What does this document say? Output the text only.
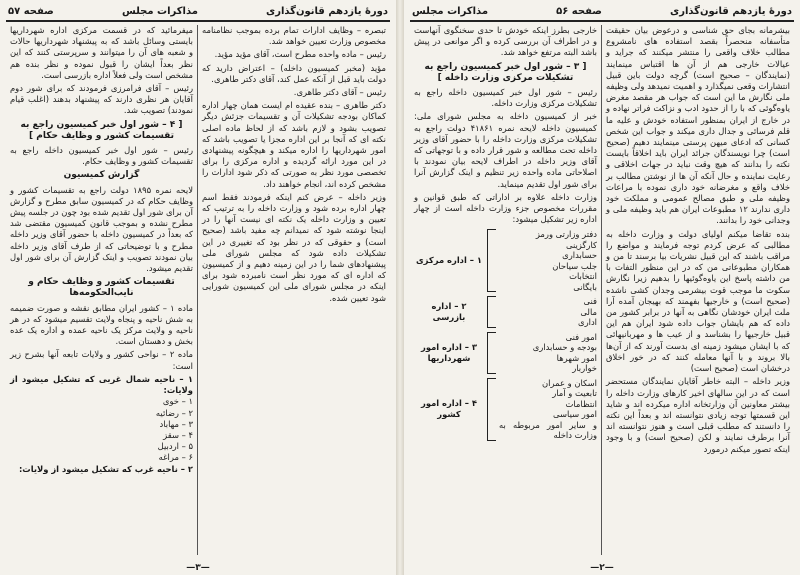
دورهٔ یازدهم قانون‌گذاری
صفحه ۵۶
مذاکرات مجلس

بیشرمانه بجای حق شناسی و درعوض بیان حقیقت متأسفانه منحصراً بقصد استفاده های نامشروع مطالب خلاف واقعی را منتشر میکنند که جراید و عیالات خارجی هم از آن ها اقتباس مینمایند (نمایندگان – صحیح است) گرچه دولت باین قبیل انتشارات وقعی نمیگذارد و اهمیت نمیدهد ولی وظیفه ملی نگارش ما این است که جواب هر مقصد مغرض یاوه‌گوئی که با را از حدود ادب و نزاکت فراتر نهاده و در خارج از ایران بمنظور استفاده خودش و علیه ما قلم فرسائی و جدال داری میکند و جواب این شخص کسانی که ادعای میهن پرستی مینمایند دهیم (صحیح است) چرا نویسندگان جرائد ایران باید اخلاقاً بایست نکته را بدانند که هیچ وقت نباید در جهات اخلاقی و رعایت نماینده و حال آنکه آن ها از نوشتن مطالب بر خلاف واقع و مغرضانه خود داری نموده با مراعات وظیفه ملی و طبق مصالح عمومی و مملکت خود داری ندارند ۱۲ مطبوعات ایران هم باید وظیفه ملی و وجدانی خود را بدانند.

بنده تقاضا میکنم اولیای دولت و وزارت داخله به مطالبی که عرض کردم توجه فرمایند و مواضع را مراقب باشند که این قبیل نشریات بیا برسند تا من و همکاران مطبوعاتی من که در این منظور التفات با من داشته پاسخ این یاوه‌گوئیها را بدهیم زیرا نگارش سکوت ما موجب قوت بیشرمی وجدان کشی ناشده (صحیح است) و خارجیها بفهمند که بهیجان آمده آرا ملت ایران خودشان نگاهی به آنها در برابر کشور من داده که هم بایشان جواب داده شود ایران هم این قبیل خارجیها را بشناسد و از عیب ها و مهربانیهائی که با ایشان میشود زمینه ای بدست آورند که از آن‌ها بالا بروند و با آنها معامله کنند که در خور اخلاق درخشان است (صحیح است)

وزیر داخله – البته خاطر آقایان نمایندگان مستحضر است که در این سالهای اخیر کارهای وزارت داخله را بیشتر معاونین آن وزارتخانه اداره میکرده اند و شاید این قسمتها توجه زیادی نتوانسته اند و بعداً این نکته را دانستند که مطلب قبلی است و هنوز نتوانسته اند آنرا برطرف نمایند و لکن (صحیح است) و با وجود اینکه تصور میکنم درمورد

خارجی بطرز اینکه خودش تا حدی سخنگوی آنهاست و در اطراف آن بررسی کرده و اگر موانعی در پیش باشد البته مرتفع خواهد شد.

[ ۳ – شور اول خبر کمیسیون راجع به تشکیلات مرکزی وزارت داخله ]

رئیس – شور اول خبر کمیسیون داخله راجع به تشکیلات مرکزی وزارت داخله.

خبر از کمیسیون داخله به مجلس شورای ملی: کمیسیون داخله لایحه نمره ۴۱۸۶۱ دولت راجع به تشکیلات مرکزی وزارت داخله را با حضور آقای وزیر داخله تحت مطالعه و شور قرار داده و با توجهاتی که آقای وزیر داخله در اطراف لایحه بیان نمودند با اصلاحاتی ماده واحده زیر تنظیم و اینک گزارش آنرا برای شور اول تقدیم مینماید.

وزارت داخله علاوه بر اداراتی که طبق قوانین و مقررات مخصوص جزء وزارت داخله است از چهار اداره زیر تشکیل میشود:

دفتر وزارتی ورمز
کارگزینی
حسابداری
جلب سیاحان
انتخابات
بایگانی
۱ – اداره مرکزی
فنی
مالی
اداری
۲ – اداره بازرسی
امور فنی
بودجه و حسابداری
امور شهرها
خواربار
۳ – اداره امور شهرداریها
اسکان و عمران
تابعیت و آمار
انتظامات
امور سیاسی
و سایر امور مربوطه به وزارت داخله
۴ – اداره امور کشور
—۲—
دورهٔ یازدهم قانون‌گذاری
مذاکرات مجلس
صفحه ۵۷

تبصره – وظایف ادارات تمام برده بموجب نظامنامه مخصوص وزارت تعیین خواهد شد.

رئیس – ماده واحده مطرح است، آقای مؤید مؤید.

مؤید (مخبر کمیسیون داخله) – اعتراض دارید که دولت باید قبل از آنکه عمل کند، آقای دکتر طاهری.

رئیس – آقای دکتر طاهری.

دکتر طاهری – بنده عقیده ام ایست همان چهار اداره کماکان بودجه تشکیلات آن و تقسیمات جزئش دیگر تصویب بشود و لازم باشد که از لحاظ ماده اصلی نکته ای که آنجا بر این اداره مجزا یا تصویب باشد که امور شهرداریها را اداره میکند و هیچگونه پیشنهادی در این مورد ارائه گردیده و اداره مرکزی را برای تخصصی مورد نظر به صورتی که ذکر شود ادارات را مشخص کرده اند، انجام خواهند داد.

وزیر داخله – عرض کنم اینکه فرمودند فقط اسم چهار اداره برده شود و وزارت داخله را به ترتیب که تعیین و وزارت داخله یک نکته ای نیست آنها را در اینجا نوشته شود که نمیدانم چه مفید باشد (صحیح است) و حقوقی که در نظر بود که تغییری در این تشکیلات داده شود که مجلس شورای ملی پیشنهادهای شما را در این زمینه دهیم و از کمیسیون که اداره ای که مورد نظر است نامبرده شود برای اینکه در مجلس شورای ملی این کمیسیون شورایی شود تعیین شده.

میفرمائید که در قسمت مرکزی اداره شهرداریها بایستی وسائل باشد که به پیشنهاد شهرداریها حالات و شعبه های آن را میتوانند و سرپرستی کنند که این نظر بعداً ایشان را قبول نموده و نظر بنده هم مشخص است ولی فعلاً اداره بازرسی است.

رئیس – آقای فرامرزی فرمودند که برای شور دوم آقایان هر نظری دارند که پیشنهاد بدهند (اغلب قیام نمودند) تصویب شد.

[ ۴ – شور اول خبر کمیسیون راجع به تقسیمات کشور و وظایف حکام ]

رئیس – شور اول خبر کمیسیون داخله راجع به تقسیمات کشور و وظایف حکام.

گزارش کمیسیون

لایحه نمره ۱۸۹۵ دولت راجع به تقسیمات کشور و وظایف حکام که در کمیسیون سابق مطرح و گزارش آن برای شور اول تقدیم شده بود چون در جلسه پیش مطرح نشده و بموجب قانون کمیسیون مقتضی شد که بعداً در کمیسیون داخله با حضور آقای وزیر داخله مطرح و با توضیحاتی که از طرف آقای وزیر داخله بیان نمودند تصویب و اینک گزارش آن برای شور اول تقدیم میشود.

تقسیمات کشور و وظایف حکام و نایب‌الحکومه‌ها

ماده ۱ – کشور ایران مطابق نقشه و صورت ضمیمه به شش ناحیه و پنجاه ولایت تقسیم میشود که در هر ناحیه و ولایت مرکز یک ناحیه عمده و اداره یک عده بخش و دهستان است.

ماده ۲ – نواحی کشور و ولایات تابعه آنها بشرح زیر است:

۱ – ناحیه شمال غربی که تشکیل میشود از ولایات:
۱ – خوی
۲ – رضائیه
۳ – مهاباد
۴ – سقز
۵ – اردبیل
۶ – مراغه
۲ – ناحیه غرب که تشکیل میشود از ولایات:
—۳—
